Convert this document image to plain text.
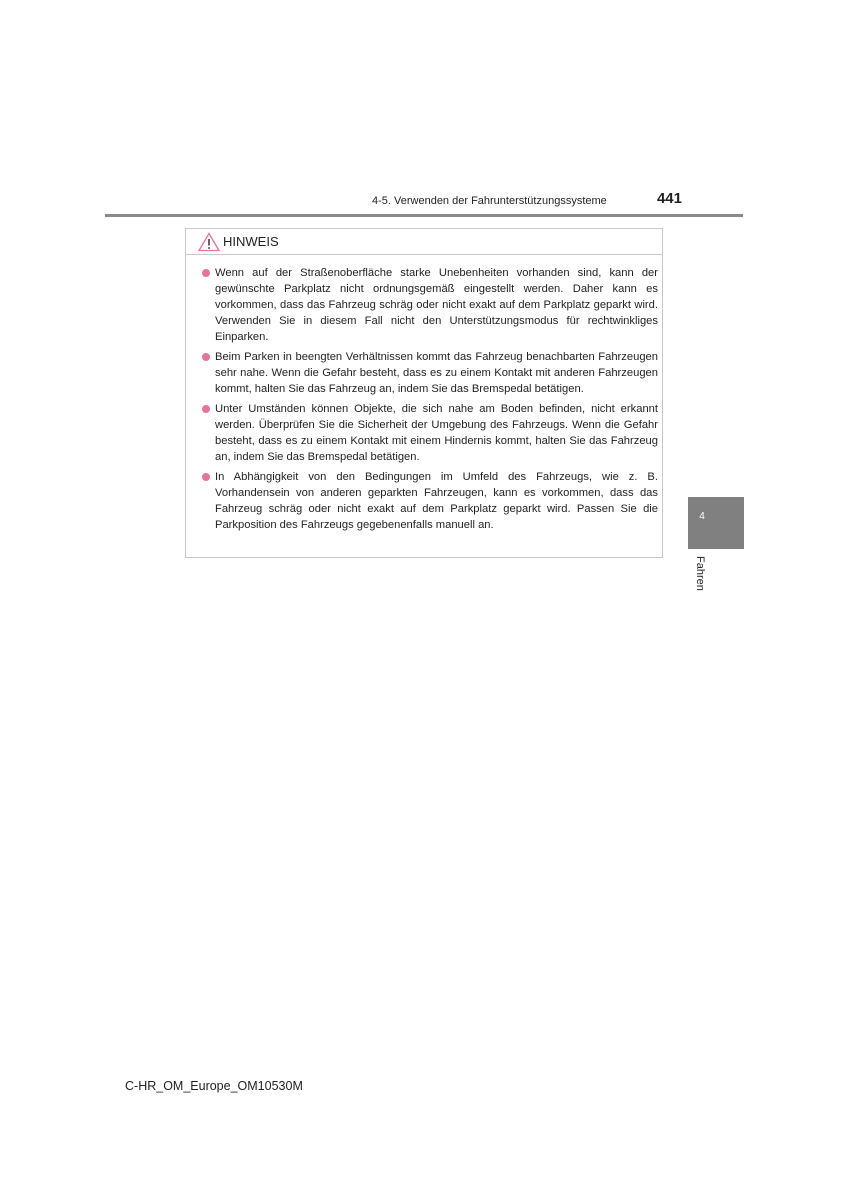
4-5. Verwenden der Fahrunterstützungssysteme	441
HINWEIS
Wenn auf der Straßenoberfläche starke Unebenheiten vorhanden sind, kann der gewünschte Parkplatz nicht ordnungsgemäß eingestellt werden. Daher kann es vorkommen, dass das Fahrzeug schräg oder nicht exakt auf dem Parkplatz geparkt wird. Verwenden Sie in diesem Fall nicht den Unterstützungsmodus für rechtwinkliges Einparken.
Beim Parken in beengten Verhältnissen kommt das Fahrzeug benachbarten Fahrzeugen sehr nahe. Wenn die Gefahr besteht, dass es zu einem Kontakt mit anderen Fahrzeugen kommt, halten Sie das Fahrzeug an, indem Sie das Bremspedal betätigen.
Unter Umständen können Objekte, die sich nahe am Boden befinden, nicht erkannt werden. Überprüfen Sie die Sicherheit der Umgebung des Fahrzeugs. Wenn die Gefahr besteht, dass es zu einem Kontakt mit einem Hindernis kommt, halten Sie das Fahrzeug an, indem Sie das Bremspedal betätigen.
In Abhängigkeit von den Bedingungen im Umfeld des Fahrzeugs, wie z. B. Vorhandensein von anderen geparkten Fahrzeugen, kann es vorkommen, dass das Fahrzeug schräg oder nicht exakt auf dem Parkplatz geparkt wird. Passen Sie die Parkposition des Fahrzeugs gegebenenfalls manuell an.
4
Fahren
C-HR_OM_Europe_OM10530M
